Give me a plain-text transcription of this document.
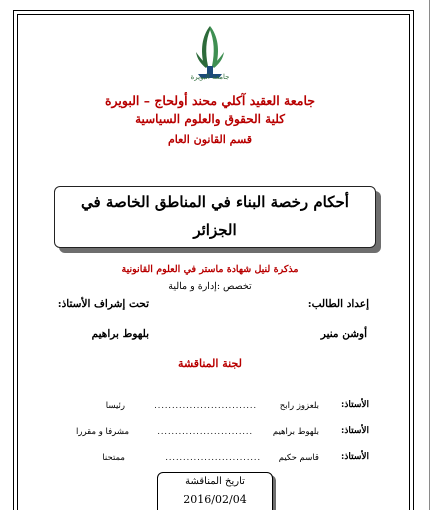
جامعة البويرة
جامعة العقيد آكلي محند أولحاج – البويرة
كلية الحقوق والعلوم السياسية
قسم القانون العام
أحكام رخصة البناء في المناطق الخاصة في
الجزائر
مذكرة لنيل شهادة ماستر في العلوم القانونية
تخصص :إدارة و مالية
إعداد الطالب:
تحت إشراف الأستاذ:
أوشن منير
بلهوط براهيم
لجنة المناقشة
الأستاذ:
بلعزوز رابح
.............................
رئيسا
الأستاذ:
بلهوط براهيم
...........................
مشرفا و مقررا
الأستاذ:
قاسم حكيم
...........................
ممتحنا
تاريخ المناقشة
2016/02/04
